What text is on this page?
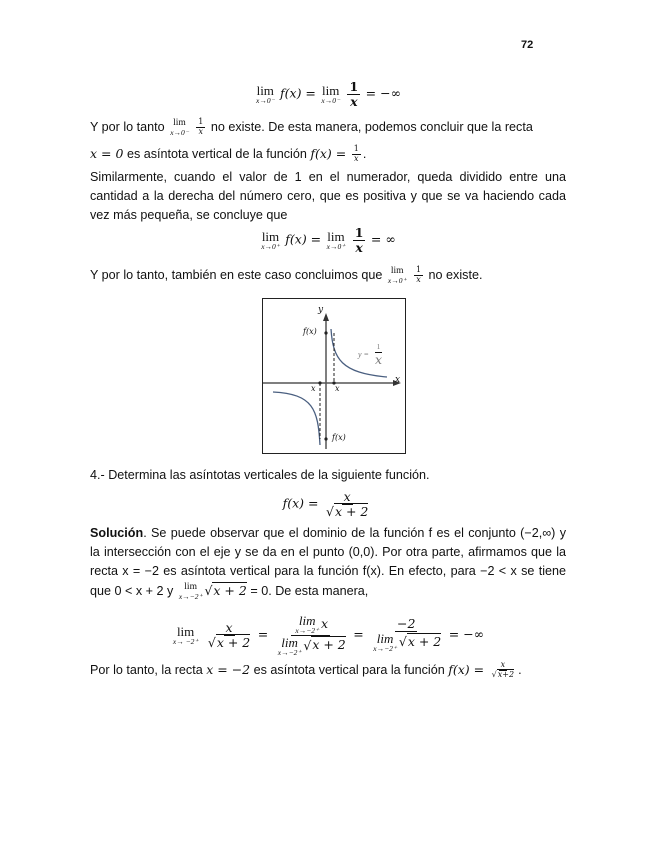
72
lim
x→0⁻ f(x) = lim
x→0⁻
$\frac{1}{x}$ = −∞
Y por lo tanto lim
x→0⁻
$\frac{1}{x}$ no existe. De esta manera, podemos concluir que la recta
x = 0 es asíntota vertical de la función $f(x) = \frac{1}{x}$ .
Similarmente, cuando el valor de 1 en el numerador, queda dividido entre una cantidad a la derecha del número cero, que es positiva y que se va haciendo cada vez más pequeña, se concluye que
lim
x→0⁺ f(x) = lim
x→0⁺
$\frac{1}{x}$ = ∞
Y por lo tanto, también en este caso concluimos que lim
x→0⁺
$\frac{1}{x}$ no existe.
y
x
f(x)
f(x)
x x
$y = \frac{1}{x}$
4.- Determina las asíntotas verticales de la siguiente función.
$f(x) = \frac{x}{√x + 2}$
Solución. Se puede observar que el dominio de la función f es el conjunto (−2,∞) y la intersección con el eje y se da en el punto (0,0). Por otra parte, afirmamos que la recta x = −2 es asíntota vertical para la función f(x). En efecto, para −2 < x se tiene que 0 < x + 2 y lim
x→−2⁺ √x + 2 = 0. De esta manera,
lim
x→ −2⁺
$\frac{x}{√x + 2} = \lim$
x→−2⁺ x
lim
x→−2⁺ √x + 2 = −2
lim
x→−2⁺ √x + 2 = −∞
Por lo tanto, la recta x = −2 es asíntota vertical para la función $f(x) = \frac{x}{√x+2}$ .
